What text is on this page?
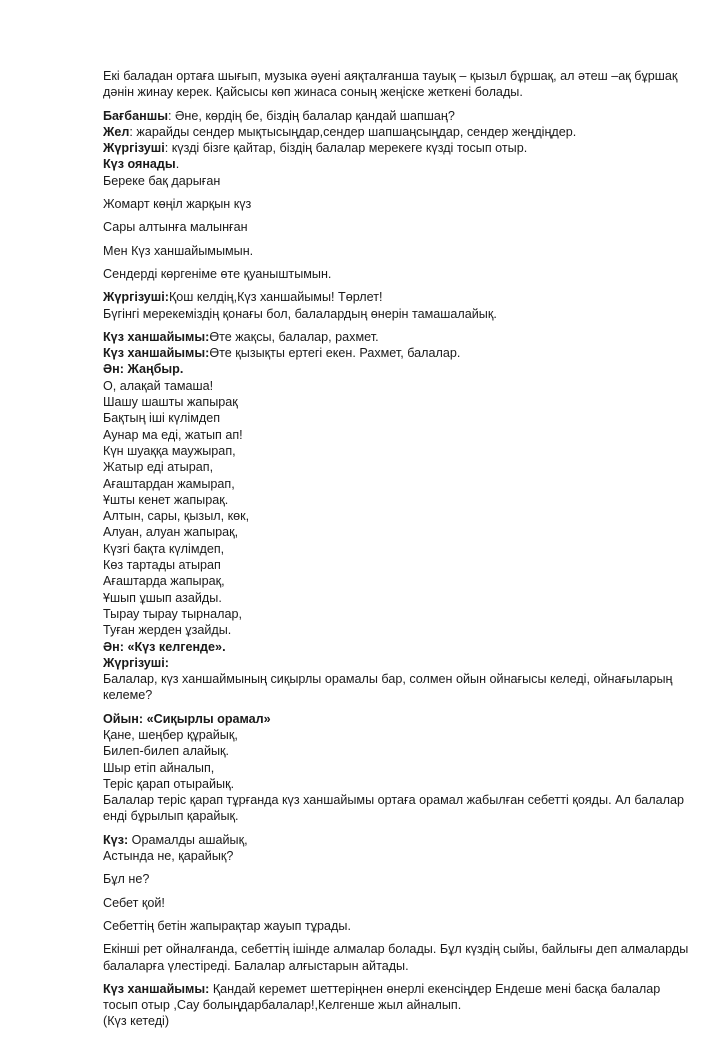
Екі баладан ортаға шығып, музыка әуені аяқталғанша тауық – қызыл бұршақ, ал әтеш –ақ бұршақ
дәнін жинау керек. Қайсысы көп жинаса соның жеңіске жеткені болады.
Бағбаншы: Әне, көрдің бе, біздің балалар қандай шапшаң?
Жел: жарайды сендер мықтысыңдар,сендер шапшаңсыңдар, сендер жеңдіңдер.
Жүргізуші: күзді бізге қайтар, біздің балалар мерекеге күзді тосып отыр.
Күз оянады.
Береке бақ дарыған
Жомарт көңіл жарқын күз
Сары алтынға малынған
Мен Күз ханшайымымын.
Сендерді көргеніме өте қуаныштымын.
Жүргізуші:Қош келдің,Күз ханшайымы! Төрлет!
Бүгінгі мерекеміздің қонағы бол, балалардың өнерін тамашалайық.
Күз ханшайымы:Өте жақсы, балалар, рахмет.
Күз ханшайымы:Өте қызықты ертегі екен. Рахмет, балалар.
Ән: Жаңбыр.
О, алақай тамаша!
Шашу шашты жапырақ
Бақтың іші күлімдеп
Аунар ма еді, жатып ап!
Күн шуаққа маужырап,
Жатыр еді атырап,
Ағаштардан жамырап,
Ұшты кенет жапырақ.
Алтын, сары, қызыл, көк,
Алуан, алуан жапырақ,
Күзгі бақта күлімдеп,
Көз тартады атырап
Ағаштарда жапырақ,
Ұшып ұшып азайды.
Тырау тырау тырналар,
Туған жерден ұзайды.
Ән: «Күз келгенде».
Жүргізуші:
Балалар, күз ханшаймының сиқырлы орамалы бар, солмен ойын ойнағысы келеді, ойнағыларың
келеме?
Ойын: «Сиқырлы орамал»
Қане, шеңбер құрайық,
Билеп-билеп алайық.
Шыр етіп айналып,
Теріс қарап отырайық.
Балалар теріс қарап тұрғанда күз ханшайымы ортаға орамал жабылған себетті қояды. Ал балалар
енді бұрылып қарайық.
Күз: Орамалды ашайық,
Астында не, қарайық?
Бұл не?
Себет қой!
Себеттің бетін жапырақтар жауып тұрады.
Екінші рет ойналғанда, себеттің ішінде алмалар болады. Бұл күздің сыйы, байлығы деп алмаларды
балаларға үлестіреді. Балалар алғыстарын айтады.
Күз ханшайымы: Қандай керемет шеттеріңнен өнерлі екенсіңдер Ендеше мені басқа балалар
тосып отыр ,Сау болыңдарбалалар!,Келгенше жыл айналып.
(Күз кетеді)
